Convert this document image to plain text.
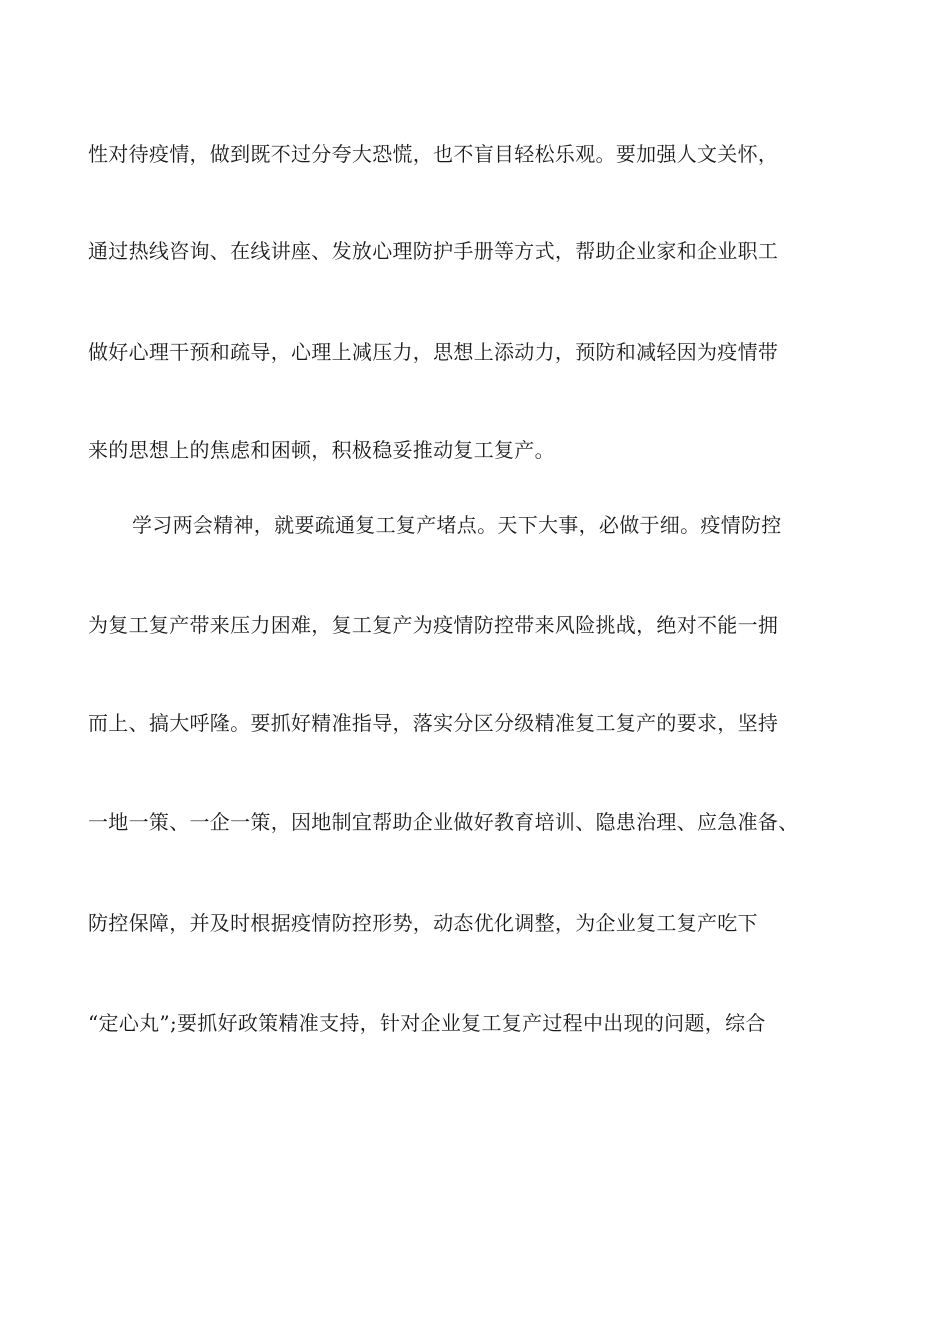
性对待疫情，做到既不过分夸大恐慌，也不盲目轻松乐观。要加强人文关怀，
通过热线咨询、在线讲座、发放心理防护手册等方式，帮助企业家和企业职工
做好心理干预和疏导，心理上减压力，思想上添动力，预防和减轻因为疫情带
来的思想上的焦虑和困顿，积极稳妥推动复工复产。
学习两会精神，就要疏通复工复产堵点。天下大事，必做于细。疫情防控
为复工复产带来压力困难，复工复产为疫情防控带来风险挑战，绝对不能一拥
而上、搞大呼隆。要抓好精准指导，落实分区分级精准复工复产的要求，坚持
一地一策、一企一策，因地制宜帮助企业做好教育培训、隐患治理、应急准备、
防控保障，并及时根据疫情防控形势，动态优化调整，为企业复工复产吃下
“定心丸”;要抓好政策精准支持，针对企业复工复产过程中出现的问题，综合
